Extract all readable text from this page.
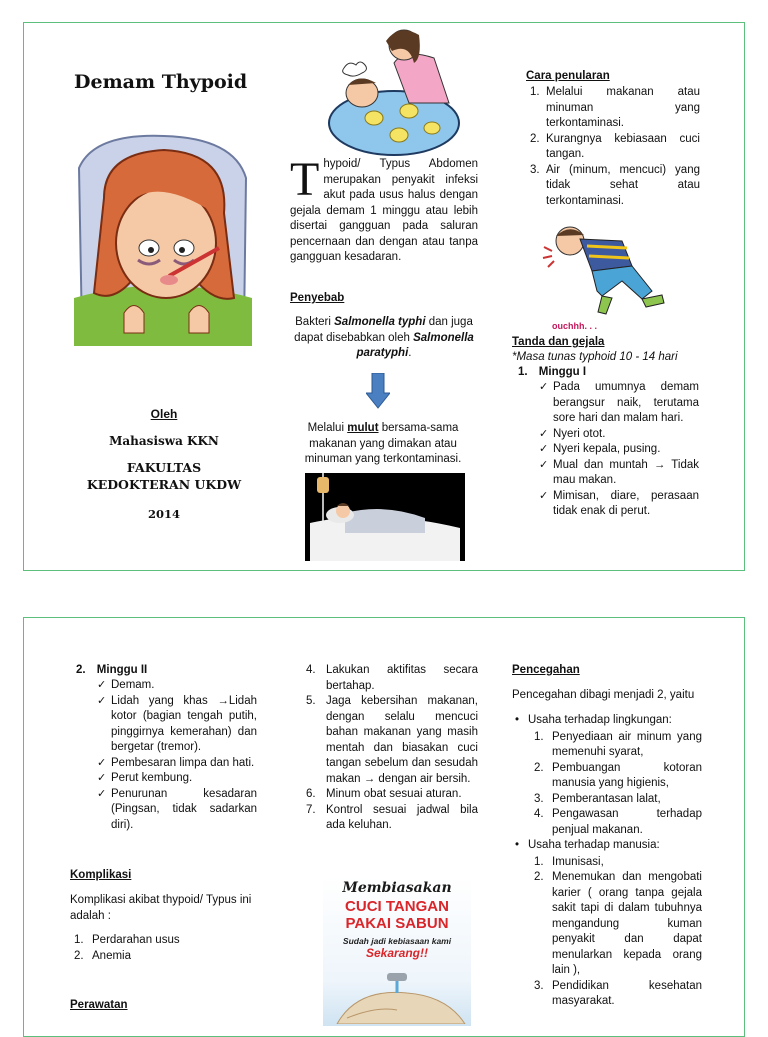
Demam Thypoid
Oleh
Mahasiswa KKN
FAKULTAS KEDOKTERAN UKDW
2014
Thypoid/ Typus Abdomen merupakan penyakit infeksi akut pada usus halus dengan gejala demam 1 minggu atau lebih disertai gangguan pada saluran pencernaan dan dengan atau tanpa gangguan kesadaran.
Penyebab
Bakteri Salmonella typhi dan juga dapat disebabkan oleh Salmonella paratyphi.
Melalui mulut bersama-sama makanan yang dimakan atau minuman yang terkontaminasi.
Cara penularan
1. Melalui makanan atau minuman yang terkontaminasi.
2. Kurangnya kebiasaan cuci tangan.
3. Air (minum, mencuci) yang tidak sehat atau terkontaminasi.
ouchhh. . .
Tanda dan gejala
*Masa tunas typhoid 10 - 14 hari
1. Minggu I
✓ Pada umumnya demam berangsur naik, terutama sore hari dan malam hari.
✓ Nyeri otot.
✓ Nyeri kepala, pusing.
✓ Mual dan muntah → Tidak mau makan.
✓ Mimisan, diare, perasaan tidak enak di perut.
2. Minggu II
✓ Demam.
✓ Lidah yang khas →Lidah kotor (bagian tengah putih, pinggirnya kemerahan) dan bergetar (tremor).
✓ Pembesaran limpa dan hati.
✓ Perut kembung.
✓ Penurunan kesadaran (Pingsan, tidak sadarkan diri).
Komplikasi
Komplikasi akibat thypoid/ Typus ini adalah :
1. Perdarahan usus
2. Anemia
Perawatan
4. Lakukan aktifitas secara bertahap.
5. Jaga kebersihan makanan, dengan selalu mencuci bahan makanan yang masih mentah dan biasakan cuci tangan sebelum dan sesudah makan → dengan air bersih.
6. Minum obat sesuai aturan.
7. Kontrol sesuai jadwal bila ada keluhan.
Membiasakan
CUCI TANGAN
PAKAI SABUN
Sudah jadi kebiasaan kami
Sekarang!!
Pencegahan
Pencegahan dibagi menjadi 2, yaitu
• Usaha terhadap lingkungan:
1. Penyediaan air minum yang memenuhi syarat,
2. Pembuangan kotoran manusia yang higienis,
3. Pemberantasan lalat,
4. Pengawasan terhadap penjual makanan.
• Usaha terhadap manusia:
1. Imunisasi,
2. Menemukan dan mengobati karier ( orang tanpa gejala sakit tapi di dalam tubuhnya mengandung kuman penyakit dan dapat menularkan kepada orang lain ),
3. Pendidikan kesehatan masyarakat.
